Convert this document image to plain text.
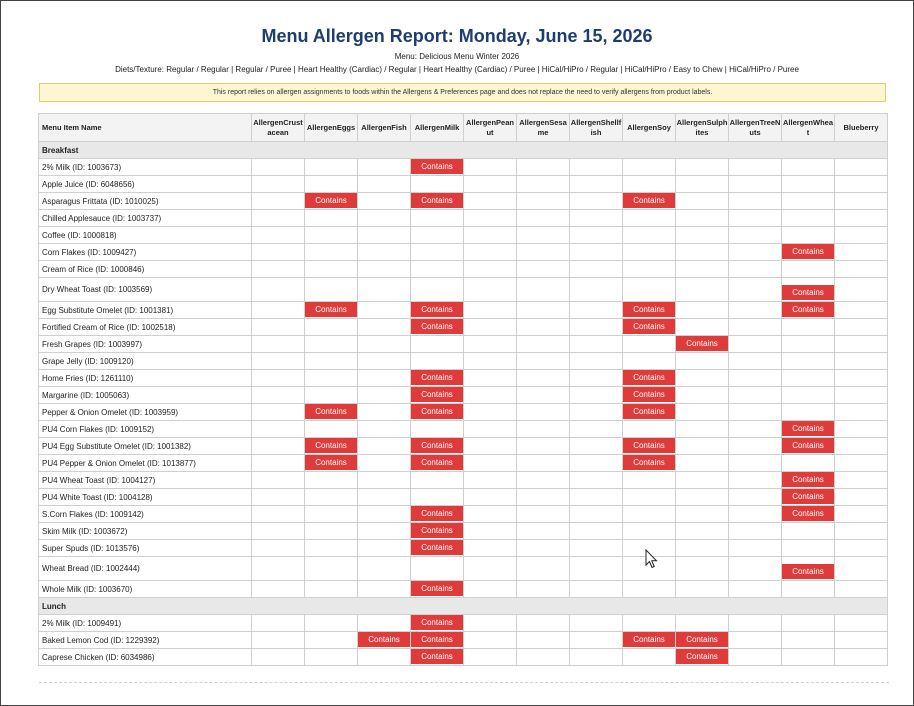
Menu Allergen Report: Monday, June 15, 2026
Menu: Delicious Menu Winter 2026
Diets/Texture: Regular / Regular | Regular / Puree | Heart Healthy (Cardiac) / Regular | Heart Healthy (Cardiac) / Puree | HiCal/HiPro / Regular | HiCal/HiPro / Easy to Chew | HiCal/HiPro / Puree
This report relies on allergen assignments to foods within the Allergens & Preferences page and does not replace the need to verify allergens from product labels.
Menu Item Name	AllergenCrustacean	AllergenEggs	AllergenFish	AllergenMilk	AllergenPeanut	AllergenSesame	AllergenShellfish	AllergenSoy	AllergenSulphites	AllergenTreeNuts	AllergenWheat	Blueberry
Breakfast												
2% Milk (ID: 1003673)				Contains								

Apple Juice (ID: 6048656)												
Asparagus Frittata (ID: 1010025)		Contains		Contains				Contains				

Chilled Applesauce (ID: 1003737)												
Coffee (ID: 1000818)												
Corn Flakes (ID: 1009427)											Contains	

Cream of Rice (ID: 1000846)												
Dry Wheat Toast (ID: 1003569)											Contains	

Egg Substitute Omelet (ID: 1001381)		Contains		Contains				Contains			Contains	

Fortified Cream of Rice (ID: 1002518)				Contains				Contains				

Fresh Grapes (ID: 1003997)									Contains			

Grape Jelly (ID: 1009120)												
Home Fries (ID: 1261110)				Contains				Contains				

Margarine (ID: 1005063)				Contains				Contains				

Pepper & Onion Omelet (ID: 1003959)		Contains		Contains				Contains				

PU4 Corn Flakes (ID: 1009152)											Contains	

PU4 Egg Substitute Omelet (ID: 1001382)		Contains		Contains				Contains			Contains	

PU4 Pepper & Onion Omelet (ID: 1013877)		Contains		Contains				Contains				

PU4 Wheat Toast (ID: 1004127)											Contains	

PU4 White Toast (ID: 1004128)											Contains	

S.Corn Flakes (ID: 1009142)				Contains							Contains	

Skim Milk (ID: 1003672)				Contains								

Super Spuds (ID: 1013576)				Contains								

Wheat Bread (ID: 1002444)											Contains	

Whole Milk (ID: 1003670)				Contains								

Lunch												
2% Milk (ID: 1009491)				Contains								

Baked Lemon Cod (ID: 1229392)			Contains	Contains				Contains	Contains			

Caprese Chicken (ID: 6034986)				Contains					Contains			
